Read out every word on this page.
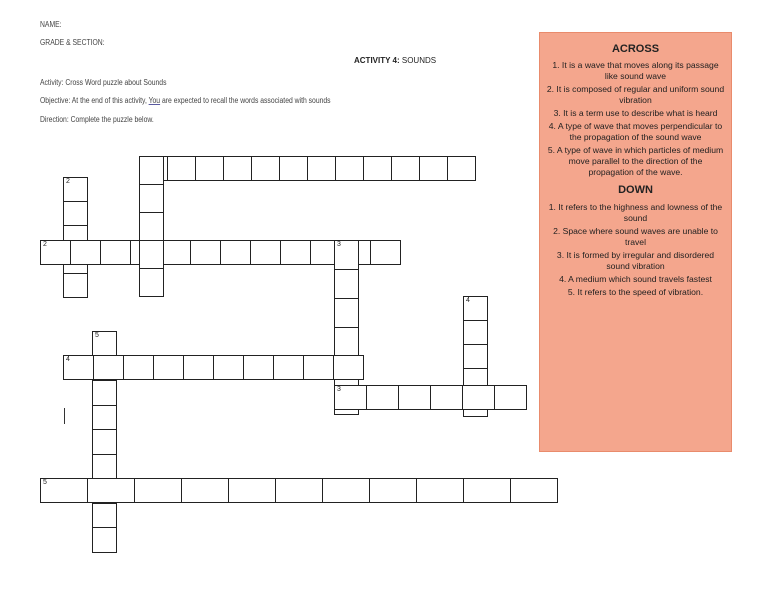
NAME:
GRADE & SECTION:
ACTIVITY 4: SOUNDS
Activity: Cross Word puzzle about Sounds
Objective: At the end of this activity, You are expected to recall the words associated with sounds
Direction: Complete the puzzle below.
2
2	3
4
5
4
3
5
ACROSS
1. It is a wave that moves along its passage like sound wave
2. It is composed of regular and uniform sound vibration
3. It is a term use to describe what is heard
4. A type of wave that moves perpendicular to the propagation of the sound wave
5. A type of wave in which particles of medium move parallel to the direction of the propagation of the wave.
DOWN
1. It refers to the highness and lowness of the sound
2. Space where sound waves are unable to travel
3. It is formed by irregular and disordered sound vibration
4. A medium which sound travels fastest
5. It refers to the speed of vibration.
